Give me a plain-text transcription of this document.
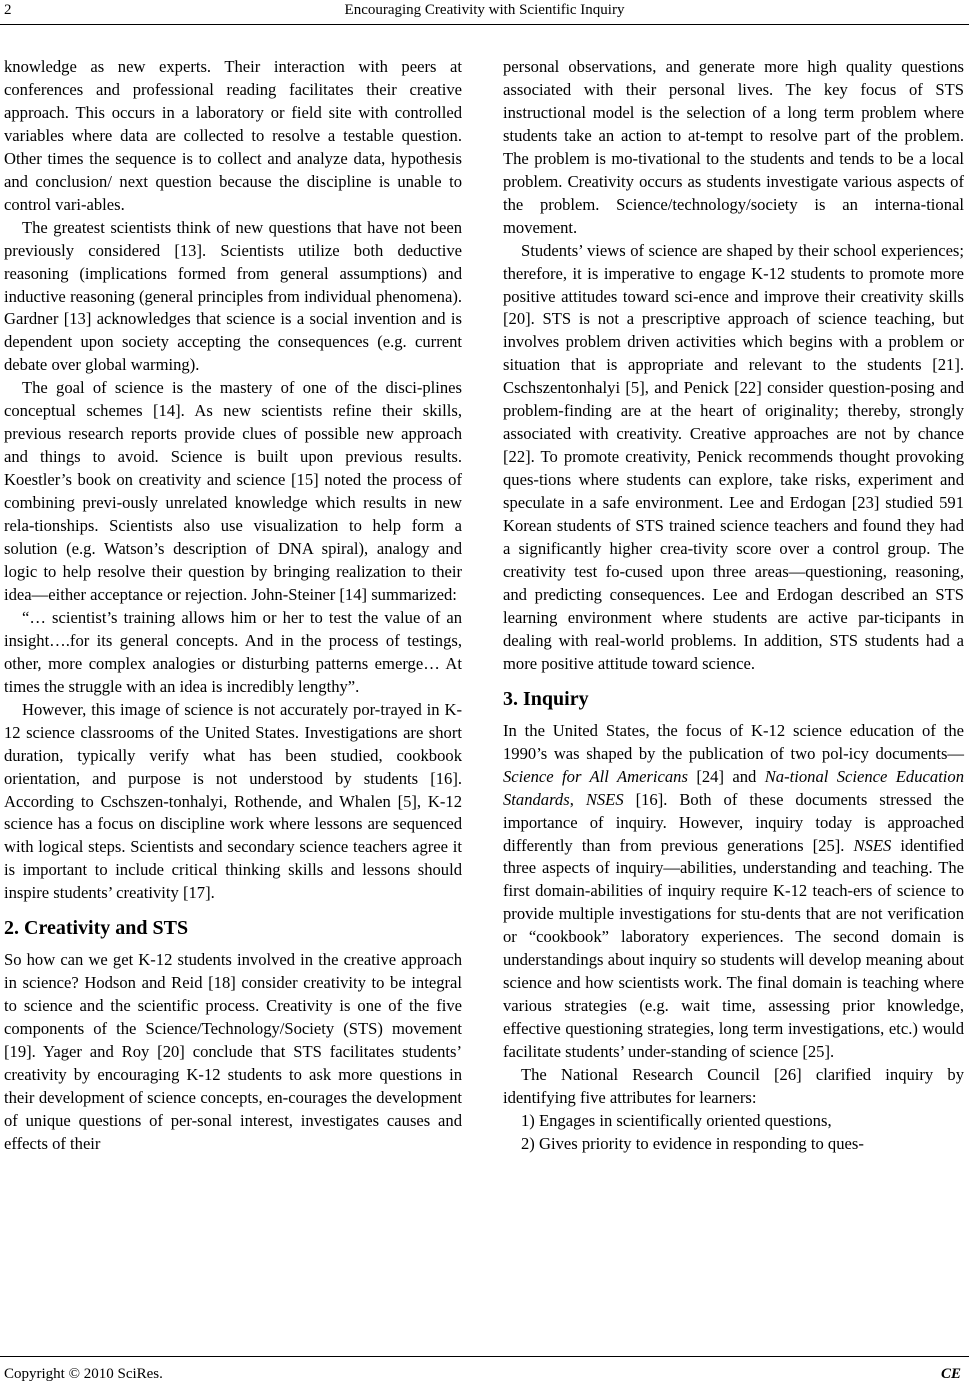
2	Encouraging Creativity with Scientific Inquiry

knowledge as new experts. Their interaction with peers at conferences and professional reading facilitates their creative approach. This occurs in a laboratory or field site with controlled variables where data are collected to resolve a testable question. Other times the sequence is to collect and analyze data, hypothesis and conclusion/ next question because the discipline is unable to control vari-ables.

The greatest scientists think of new questions that have not been previously considered [13]. Scientists utilize both deductive reasoning (implications formed from general assumptions) and inductive reasoning (general principles from individual phenomena). Gardner [13] acknowledges that science is a social invention and is dependent upon society accepting the consequences (e.g. current debate over global warming).

The goal of science is the mastery of one of the disci-plines conceptual schemes [14]. As new scientists refine their skills, previous research reports provide clues of possible new approach and things to avoid. Science is built upon previous results. Koestler’s book on creativity and science [15] noted the process of combining previ-ously unrelated knowledge which results in new rela-tionships. Scientists also use visualization to help form a solution (e.g. Watson’s description of DNA spiral), analogy and logic to help resolve their question by bringing realization to their idea—either acceptance or rejection. John-Steiner [14] summarized:

“… scientist’s training allows him or her to test the value of an insight….for its general concepts. And in the process of testings, other, more complex analogies or disturbing patterns emerge… At times the struggle with an idea is incredibly lengthy”.

However, this image of science is not accurately por-trayed in K-12 science classrooms of the United States. Investigations are short duration, typically verify what has been studied, cookbook orientation, and purpose is not understood by students [16]. According to Cschszen-tonhalyi, Rothende, and Whalen [5], K-12 science has a focus on discipline work where lessons are sequenced with logical steps. Scientists and secondary science teachers agree it is important to include critical thinking skills and lessons should inspire students’ creativity [17].

2. Creativity and STS

So how can we get K-12 students involved in the creative approach in science? Hodson and Reid [18] consider creativity to be integral to science and the scientific process. Creativity is one of the five components of the Science/Technology/Society (STS) movement [19]. Yager and Roy [20] conclude that STS facilitates students’ creativity by encouraging K-12 students to ask more questions in their development of science concepts, en-courages the development of unique questions of per-sonal interest, investigates causes and effects of their

personal observations, and generate more high quality questions associated with their personal lives. The key focus of STS instructional model is the selection of a long term problem where students take an action to at-tempt to resolve part of the problem. The problem is mo-tivational to the students and tends to be a local problem. Creativity occurs as students investigate various aspects of the problem. Science/technology/society is an interna-tional movement.

Students’ views of science are shaped by their school experiences; therefore, it is imperative to engage K-12 students to promote more positive attitudes toward sci-ence and improve their creativity skills [20]. STS is not a prescriptive approach of science teaching, but involves problem driven activities which begins with a problem or situation that is appropriate and relevant to the students [21]. Cschszentonhalyi [5], and Penick [22] consider question-posing and problem-finding are at the heart of originality; thereby, strongly associated with creativity. Creative approaches are not by chance [22]. To promote creativity, Penick recommends thought provoking ques-tions where students can explore, take risks, experiment and speculate in a safe environment. Lee and Erdogan [23] studied 591 Korean students of STS trained science teachers and found they had a significantly higher crea-tivity score over a control group. The creativity test fo-cused upon three areas—questioning, reasoning, and predicting consequences. Lee and Erdogan described an STS learning environment where students are active par-ticipants in dealing with real-world problems. In addition, STS students had a more positive attitude toward science.

3. Inquiry

In the United States, the focus of K-12 science education of the 1990’s was shaped by the publication of two pol-icy documents—Science for All Americans [24] and Na-tional Science Education Standards, NSES [16]. Both of these documents stressed the importance of inquiry. However, inquiry today is approached differently than from previous generations [25]. NSES identified three aspects of inquiry—abilities, understanding and teaching. The first domain-abilities of inquiry require K-12 teach-ers of science to provide multiple investigations for stu-dents that are not verification or “cookbook” laboratory experiences. The second domain is understandings about inquiry so students will develop meaning about science and how scientists work. The final domain is teaching where various strategies (e.g. wait time, assessing prior knowledge, effective questioning strategies, long term investigations, etc.) would facilitate students’ under-standing of science [25].

The National Research Council [26] clarified inquiry by identifying five attributes for learners:

1) Engages in scientifically oriented questions,

2) Gives priority to evidence in responding to ques-

Copyright © 2010 SciRes.	CE
